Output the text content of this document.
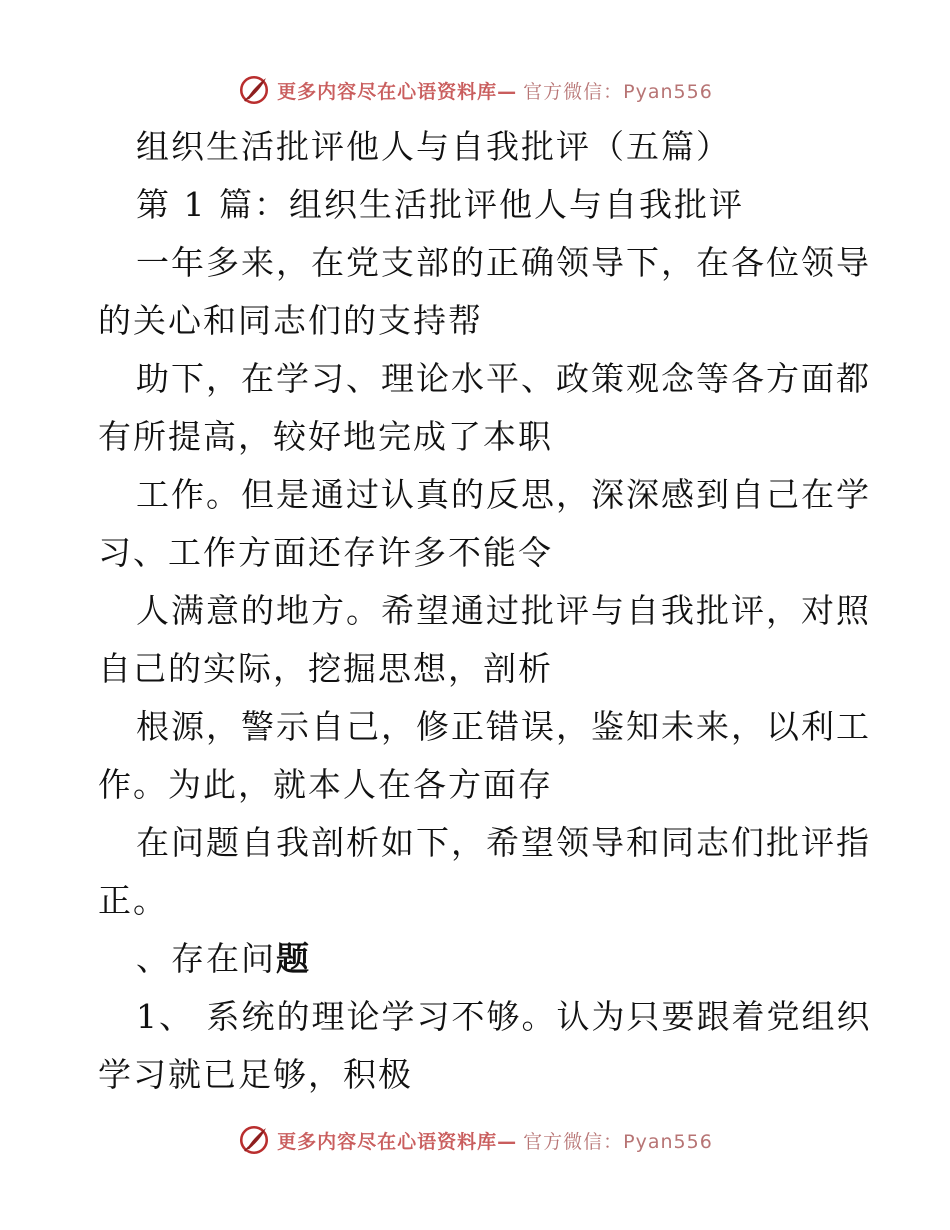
更多内容尽在心语资料库— 官方微信：Pyan556
组织生活批评他人与自我批评（五篇）
第 1 篇：组织生活批评他人与自我批评
一年多来，在党支部的正确领导下，在各位领导
的关心和同志们的支持帮
助下，在学习、理论水平、政策观念等各方面都
有所提高，较好地完成了本职
工作。但是通过认真的反思，深深感到自己在学
习、工作方面还存许多不能令
人满意的地方。希望通过批评与自我批评，对照
自己的实际，挖掘思想，剖析
根源，警示自己，修正错误，鉴知未来，以利工
作。为此，就本人在各方面存
在问题自我剖析如下，希望领导和同志们批评指
正。
、存在问题
1、 系统的理论学习不够。认为只要跟着党组织
学习就已足够，积极
更多内容尽在心语资料库— 官方微信：Pyan556
